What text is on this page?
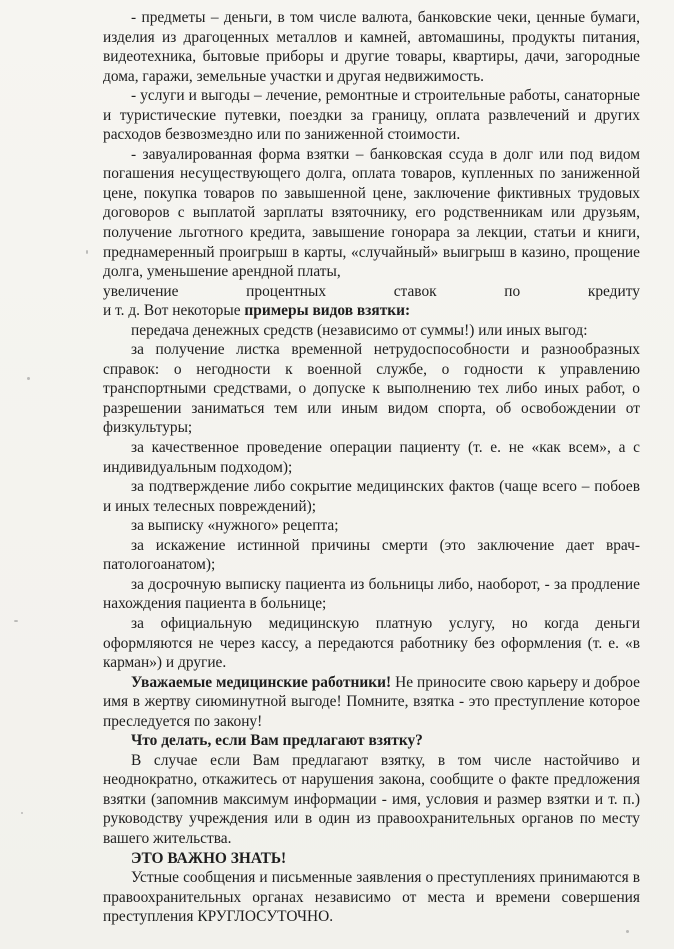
- предметы – деньги, в том числе валюта, банковские чеки, ценные бумаги, изделия из драгоценных металлов и камней, автомашины, продукты питания, видеотехника, бытовые приборы и другие товары, квартиры, дачи, загородные дома, гаражи, земельные участки и другая недвижимость.

- услуги и выгоды – лечение, ремонтные и строительные работы, санаторные и туристические путевки, поездки за границу, оплата развлечений и других расходов безвозмездно или по заниженной стоимости.

- завуалированная форма взятки – банковская ссуда в долг или под видом погашения несуществующего долга, оплата товаров, купленных по заниженной цене, покупка товаров по завышенной цене, заключение фиктивных трудовых договоров с выплатой зарплаты взяточнику, его родственникам или друзьям, получение льготного кредита, завышение гонорара за лекции, статьи и книги, преднамеренный проигрыш в карты, «случайный» выигрыш в казино, прощение долга, уменьшение арендной платы,

увеличение	процентных	ставок	по	кредиту

и т. д. Вот некоторые примеры видов взятки:

передача денежных средств (независимо от суммы!) или иных выгод:

за получение листка временной нетрудоспособности и разнообразных справок: о негодности к военной службе, о годности к управлению транспортными средствами, о допуске к выполнению тех либо иных работ, о разрешении заниматься тем или иным видом спорта, об освобождении от физкультуры;

за качественное проведение операции пациенту (т. е. не «как всем», а с индивидуальным подходом);

за подтверждение либо сокрытие медицинских фактов (чаще всего – побоев и иных телесных повреждений);

за выписку «нужного» рецепта;

за искажение истинной причины смерти (это заключение дает врач-патологоанатом);

за досрочную выписку пациента из больницы либо, наоборот, - за продление нахождения пациента в больнице;

за официальную медицинскую платную услугу, но когда деньги оформляются не через кассу, а передаются работнику без оформления (т. е. «в карман») и другие.

Уважаемые медицинские работники! Не приносите свою карьеру и доброе имя в жертву сиюминутной выгоде! Помните, взятка - это преступление которое преследуется по закону!

Что делать, если Вам предлагают взятку?

В случае если Вам предлагают взятку, в том числе настойчиво и неоднократно, откажитесь от нарушения закона, сообщите о факте предложения взятки (запомнив максимум информации - имя, условия и размер взятки и т. п.) руководству учреждения или в один из правоохранительных органов по месту вашего жительства.

ЭТО ВАЖНО ЗНАТЬ!

Устные сообщения и письменные заявления о преступлениях принимаются в правоохранительных органах независимо от места и времени совершения преступления КРУГЛОСУТОЧНО.
